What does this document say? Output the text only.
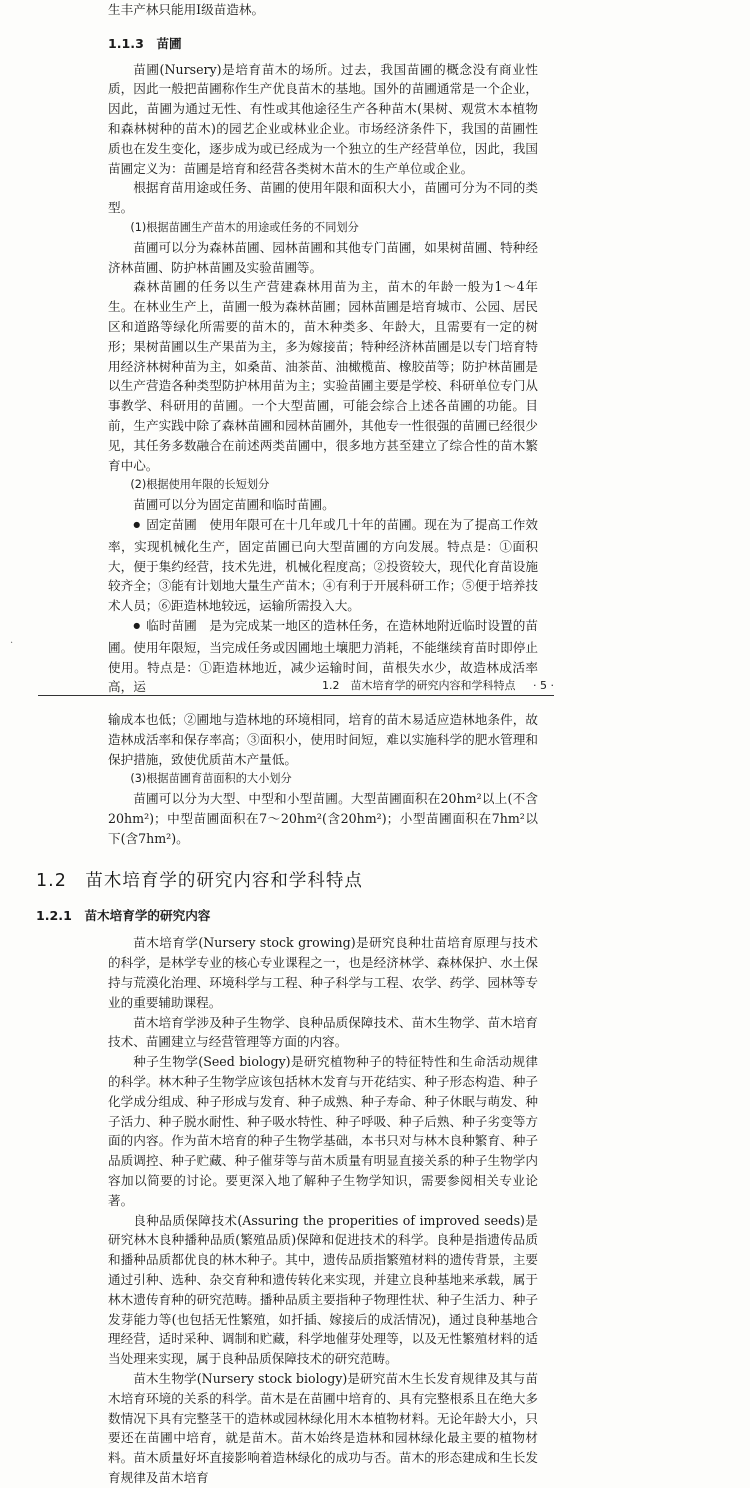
生丰产林只能用Ⅰ级苗造林。

1.1.3　苗圃

苗圃(Nursery)是培育苗木的场所。过去，我国苗圃的概念没有商业性质，因此一般把苗圃称作生产优良苗木的基地。国外的苗圃通常是一个企业，因此，苗圃为通过无性、有性或其他途径生产各种苗木(果树、观赏木本植物和森林树种的苗木)的园艺企业或林业企业。市场经济条件下，我国的苗圃性质也在发生变化，逐步成为或已经成为一个独立的生产经营单位，因此，我国苗圃定义为：苗圃是培育和经营各类树木苗木的生产单位或企业。

根据育苗用途或任务、苗圃的使用年限和面积大小，苗圃可分为不同的类型。

(1)根据苗圃生产苗木的用途或任务的不同划分

苗圃可以分为森林苗圃、园林苗圃和其他专门苗圃，如果树苗圃、特种经济林苗圃、防护林苗圃及实验苗圃等。

森林苗圃的任务以生产营建森林用苗为主，苗木的年龄一般为1～4年生。在林业生产上，苗圃一般为森林苗圃；园林苗圃是培育城市、公园、居民区和道路等绿化所需要的苗木的，苗木种类多、年龄大，且需要有一定的树形；果树苗圃以生产果苗为主，多为嫁接苗；特种经济林苗圃是以专门培育特用经济林树种苗为主，如桑苗、油茶苗、油橄榄苗、橡胶苗等；防护林苗圃是以生产营造各种类型防护林用苗为主；实验苗圃主要是学校、科研单位专门从事教学、科研用的苗圃。一个大型苗圃，可能会综合上述各苗圃的功能。目前，生产实践中除了森林苗圃和园林苗圃外，其他专一性很强的苗圃已经很少见，其任务多数融合在前述两类苗圃中，很多地方甚至建立了综合性的苗木繁育中心。

(2)根据使用年限的长短划分

苗圃可以分为固定苗圃和临时苗圃。

● 固定苗圃　使用年限可在十几年或几十年的苗圃。现在为了提高工作效率，实现机械化生产，固定苗圃已向大型苗圃的方向发展。特点是：①面积大，便于集约经营，技术先进，机械化程度高；②投资较大，现代化育苗设施较齐全；③能有计划地大量生产苗木；④有利于开展科研工作；⑤便于培养技术人员；⑥距造林地较远，运输所需投入大。

● 临时苗圃　是为完成某一地区的造林任务，在造林地附近临时设置的苗圃。使用年限短，当完成任务或因圃地土壤肥力消耗，不能继续育苗时即停止使用。特点是：①距造林地近，减少运输时间，苗根失水少，故造林成活率高，运

·
1.2　苗木培育学的研究内容和学科特点 · 5 ·

输成本也低；②圃地与造林地的环境相同，培育的苗木易适应造林地条件，故造林成活率和保存率高；③面积小，使用时间短，难以实施科学的肥水管理和保护措施，致使优质苗木产量低。

(3)根据苗圃育苗面积的大小划分

苗圃可以分为大型、中型和小型苗圃。大型苗圃面积在20hm²以上(不含20hm²)；中型苗圃面积在7～20hm²(含20hm²)；小型苗圃面积在7hm²以下(含7hm²)。

1.2　苗木培育学的研究内容和学科特点
1.2.1　苗木培育学的研究内容

苗木培育学(Nursery stock growing)是研究良种壮苗培育原理与技术的科学，是林学专业的核心专业课程之一，也是经济林学、森林保护、水土保持与荒漠化治理、环境科学与工程、种子科学与工程、农学、药学、园林等专业的重要辅助课程。

苗木培育学涉及种子生物学、良种品质保障技术、苗木生物学、苗木培育技术、苗圃建立与经营管理等方面的内容。

种子生物学(Seed biology)是研究植物种子的特征特性和生命活动规律的科学。林木种子生物学应该包括林木发育与开花结实、种子形态构造、种子化学成分组成、种子形成与发育、种子成熟、种子寿命、种子休眠与萌发、种子活力、种子脱水耐性、种子吸水特性、种子呼吸、种子后熟、种子劣变等方面的内容。作为苗木培育的种子生物学基础，本书只对与林木良种繁育、种子品质调控、种子贮藏、种子催芽等与苗木质量有明显直接关系的种子生物学内容加以简要的讨论。要更深入地了解种子生物学知识，需要参阅相关专业论著。

良种品质保障技术(Assuring the properities of improved seeds)是研究林木良种播种品质(繁殖品质)保障和促进技术的科学。良种是指遗传品质和播种品质都优良的林木种子。其中，遗传品质指繁殖材料的遗传背景，主要通过引种、选种、杂交育种和遗传转化来实现，并建立良种基地来承载，属于林木遗传育种的研究范畴。播种品质主要指种子物理性状、种子生活力、种子发芽能力等(也包括无性繁殖，如扦插、嫁接后的成活情况)，通过良种基地合理经营，适时采种、调制和贮藏，科学地催芽处理等，以及无性繁殖材料的适当处理来实现，属于良种品质保障技术的研究范畴。

苗木生物学(Nursery stock biology)是研究苗木生长发育规律及其与苗木培育环境的关系的科学。苗木是在苗圃中培育的、具有完整根系且在绝大多数情况下具有完整茎干的造林或园林绿化用木本植物材料。无论年龄大小，只要还在苗圃中培育，就是苗木。苗木始终是造林和园林绿化最主要的植物材料。苗木质量好坏直接影响着造林绿化的成功与否。苗木的形态建成和生长发育规律及苗木培育
